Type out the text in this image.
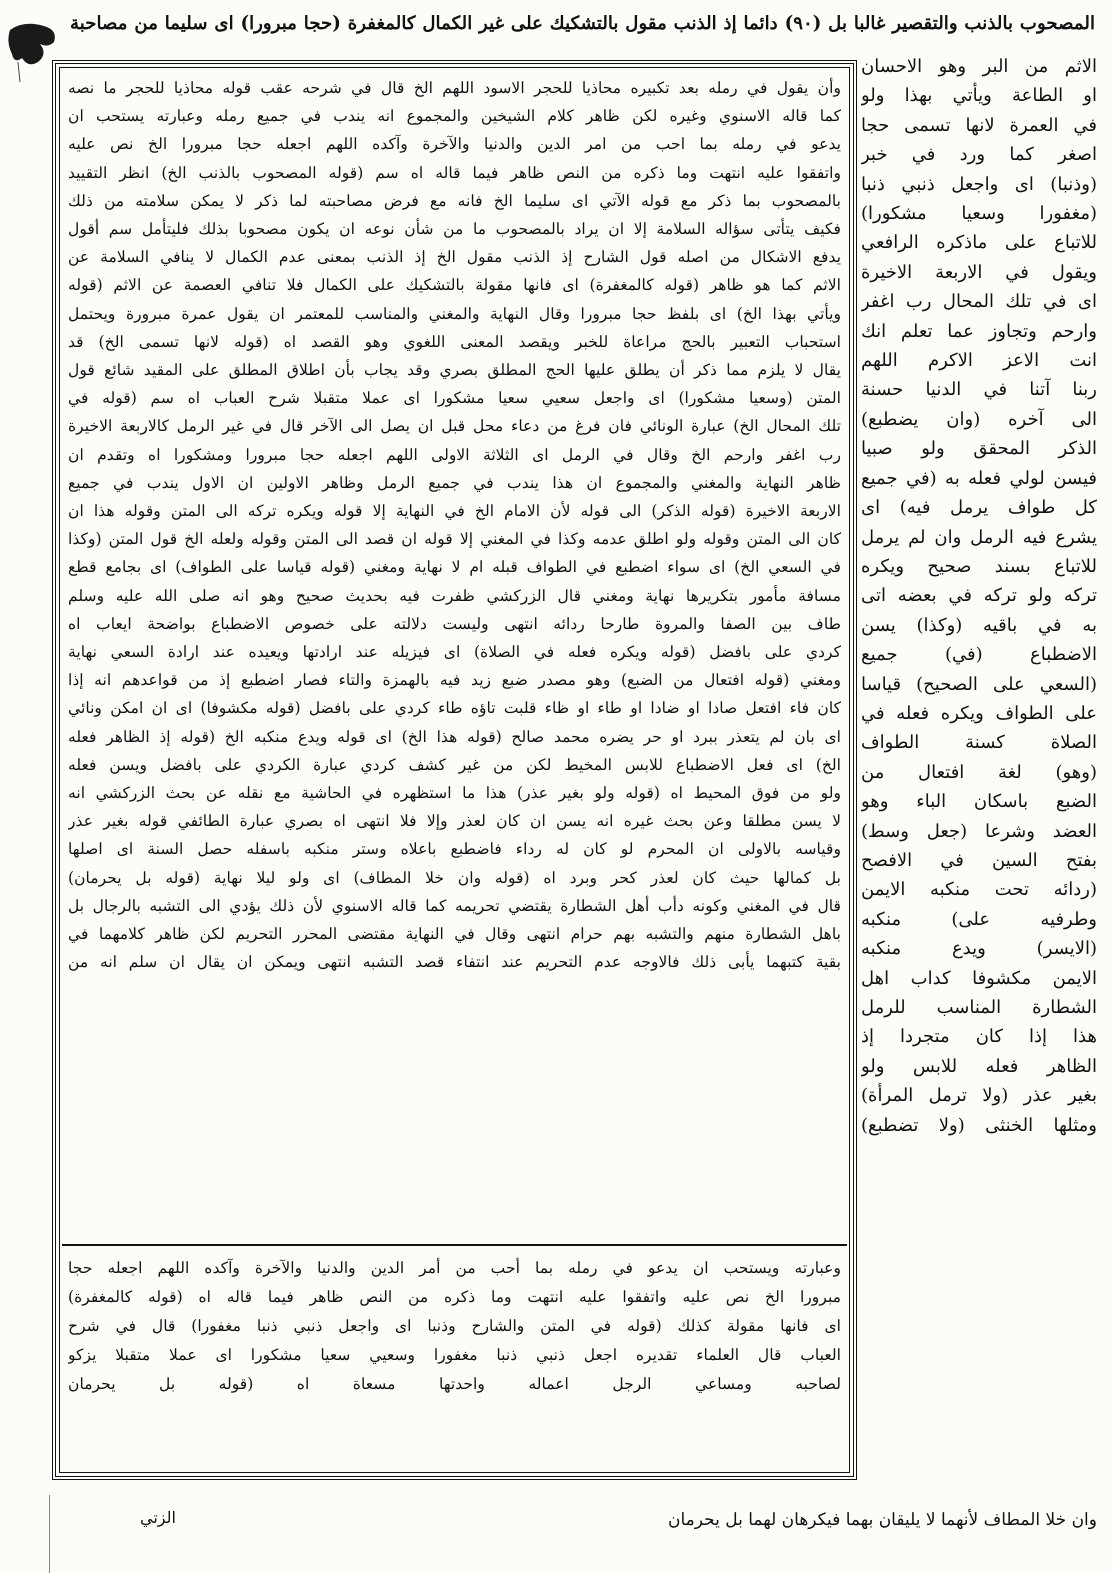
المصحوب بالذنب والتقصير غالبا بل (٩٠) دائما إذ الذنب مقول بالتشكيك على غير الكمال كالمغفرة (حجا مبرورا) اى سليما من مصاحبة
الاثم من البر وهو الاحسان
او الطاعة ويأتي بهذا ولو
في العمرة لانها تسمى حجا
اصغر كما ورد في خبر
(وذنبا) اى واجعل ذنبي ذنبا
(مغفورا وسعيا مشكورا)
للاتباع على ماذكره الرافعي
ويقول في الاربعة الاخيرة
اى في تلك المحال رب اغفر
وارحم وتجاوز عما تعلم انك
انت الاعز الاكرم اللهم
ربنا آتنا في الدنيا حسنة
الى آخره (وان يضطبع)
الذكر المحقق ولو صبيا
فيسن لولي فعله به (في جميع
كل طواف يرمل فيه) اى
يشرع فيه الرمل وان لم يرمل
للاتباع بسند صحيح ويكره
تركه ولو تركه في بعضه اتى
به في باقيه (وكذا) يسن
الاضطباع (في) جميع
(السعي على الصحيح) قياسا
على الطواف ويكره فعله في
الصلاة كسنة الطواف
(وهو) لغة افتعال من
الضبع باسكان الباء وهو
العضد وشرعا (جعل وسط)
بفتح السين في الافصح
(ردائه تحت منكبه الايمن
وطرفيه على) منكبه
(الايسر) ويدع منكبه
الايمن مكشوفا كداب اهل
الشطارة المناسب للرمل
هذا إذا كان متجردا إذ
الظاهر فعله للابس ولو
بغير عذر (ولا ترمل المرأة)
ومثلها الخنثى (ولا تضطبع)
وأن يقول في رمله بعد تكبيره محاذيا للحجر الاسود اللهم الخ قال في شرحه عقب قوله محاذيا للحجر ما نصه
كما قاله الاسنوي وغيره لكن ظاهر كلام الشيخين والمجموع انه يندب في جميع رمله وعبارته يستحب ان
يدعو في رمله بما احب من امر الدين والدنيا والآخرة وآكده اللهم اجعله حجا مبرورا الخ نص عليه
واتفقوا عليه انتهت وما ذكره من النص ظاهر فيما قاله اه سم (قوله المصحوب بالذنب الخ) انظر التقييد
بالمصحوب بما ذكر مع قوله الآتي اى سليما الخ فانه مع فرض مصاحبته لما ذكر لا يمكن سلامته من ذلك
فكيف يتأتى سؤاله السلامة إلا ان يراد بالمصحوب ما من شأن نوعه ان يكون مصحوبا بذلك فليتأمل سم أقول
يدفع الاشكال من اصله قول الشارح إذ الذنب مقول الخ إذ الذنب بمعنى عدم الكمال لا ينافي السلامة عن
الاثم كما هو ظاهر (قوله كالمغفرة) اى فانها مقولة بالتشكيك على الكمال فلا تنافي العصمة عن الاثم (قوله
ويأتي بهذا الخ) اى بلفظ حجا مبرورا وقال النهاية والمغني والمناسب للمعتمر ان يقول عمرة مبرورة ويحتمل
استحباب التعبير بالحج مراعاة للخبر ويقصد المعنى اللغوي وهو القصد اه (قوله لانها تسمى الخ) قد
يقال لا يلزم مما ذكر أن يطلق عليها الحج المطلق بصري وقد يجاب بأن اطلاق المطلق على المقيد شائع قول
المتن (وسعيا مشكورا) اى واجعل سعيي سعيا مشكورا اى عملا متقبلا شرح العباب اه سم (قوله في
تلك المحال الخ) عبارة الونائي فان فرغ من دعاء محل قبل ان يصل الى الآخر قال في غير الرمل كالاربعة الاخيرة
رب اغفر وارحم الخ وقال في الرمل اى الثلاثة الاولى اللهم اجعله حجا مبرورا ومشكورا اه وتقدم ان
ظاهر النهاية والمغني والمجموع ان هذا يندب في جميع الرمل وظاهر الاولين ان الاول يندب في جميع
الاربعة الاخيرة (قوله الذكر) الى قوله لأن الامام الخ في النهاية إلا قوله ويكره تركه الى المتن وقوله هذا ان
كان الى المتن وقوله ولو اطلق عدمه وكذا في المغني إلا قوله ان قصد الى المتن وقوله ولعله الخ قول المتن (وكذا
في السعي الخ) اى سواء اضطبع في الطواف قبله ام لا نهاية ومغني (قوله قياسا على الطواف) اى بجامع قطع
مسافة مأمور بتكريرها نهاية ومغني قال الزركشي ظفرت فيه بحديث صحيح وهو انه صلى الله عليه وسلم
طاف بين الصفا والمروة طارحا ردائه انتهى وليست دلالته على خصوص الاضطباع بواضحة ايعاب اه
كردي على بافضل (قوله ويكره فعله في الصلاة) اى فيزيله عند ارادتها ويعيده عند ارادة السعي نهاية
ومغني (قوله افتعال من الضبع) وهو مصدر ضبع زيد فيه بالهمزة والتاء فصار اضطبع إذ من قواعدهم انه إذا
كان فاء افتعل صادا او ضادا او طاء او ظاء قلبت تاؤه طاء كردي على بافضل (قوله مكشوفا) اى ان امكن ونائي
اى بان لم يتعذر ببرد او حر يضره محمد صالح (قوله هذا الخ) اى قوله ويدع منكبه الخ (قوله إذ الظاهر فعله
الخ) اى فعل الاضطباع للابس المخيط لكن من غير كشف كردي عبارة الكردي على بافضل ويسن فعله
ولو من فوق المحيط اه (قوله ولو بغير عذر) هذا ما استظهره في الحاشية مع نقله عن بحث الزركشي انه
لا يسن مطلقا وعن بحث غيره انه يسن ان كان لعذر وإلا فلا انتهى اه بصري عبارة الطائفي قوله بغير عذر
وقياسه بالاولى ان المحرم لو كان له رداء فاضطبع باعلاه وستر منكبه باسفله حصل السنة اى اصلها
بل كمالها حيث كان لعذر كحر وبرد اه (قوله وان خلا المطاف) اى ولو ليلا نهاية (قوله بل يحرمان)
قال في المغني وكونه دأب أهل الشطارة يقتضي تحريمه كما قاله الاسنوي لأن ذلك يؤدي الى التشبه بالرجال بل
باهل الشطارة منهم والتشبه بهم حرام انتهى وقال في النهاية مقتضى المحرر التحريم لكن ظاهر كلامهما في
بقية كتبهما يأبى ذلك فالاوجه عدم التحريم عند انتفاء قصد التشبه انتهى ويمكن ان يقال ان سلم انه من
وعبارته ويستحب ان يدعو في رمله بما أحب من أمر الدين والدنيا والآخرة وآكده اللهم اجعله حجا
مبرورا الخ نص عليه واتفقوا عليه انتهت وما ذكره من النص ظاهر فيما قاله اه (قوله كالمغفرة)
اى فانها مقولة كذلك (قوله في المتن والشارح وذنبا اى واجعل ذنبي ذنبا مغفورا) قال في شرح
العباب قال العلماء تقديره اجعل ذنبي ذنبا مغفورا وسعيي سعيا مشكورا اى عملا متقبلا يزكو
لصاحبه ومساعي الرجل اعماله واحدتها مسعاة اه (قوله بل يحرمان
وان خلا المطاف لأنهما لا يليقان بهما فيكرهان لهما بل يحرمان
الزتي
